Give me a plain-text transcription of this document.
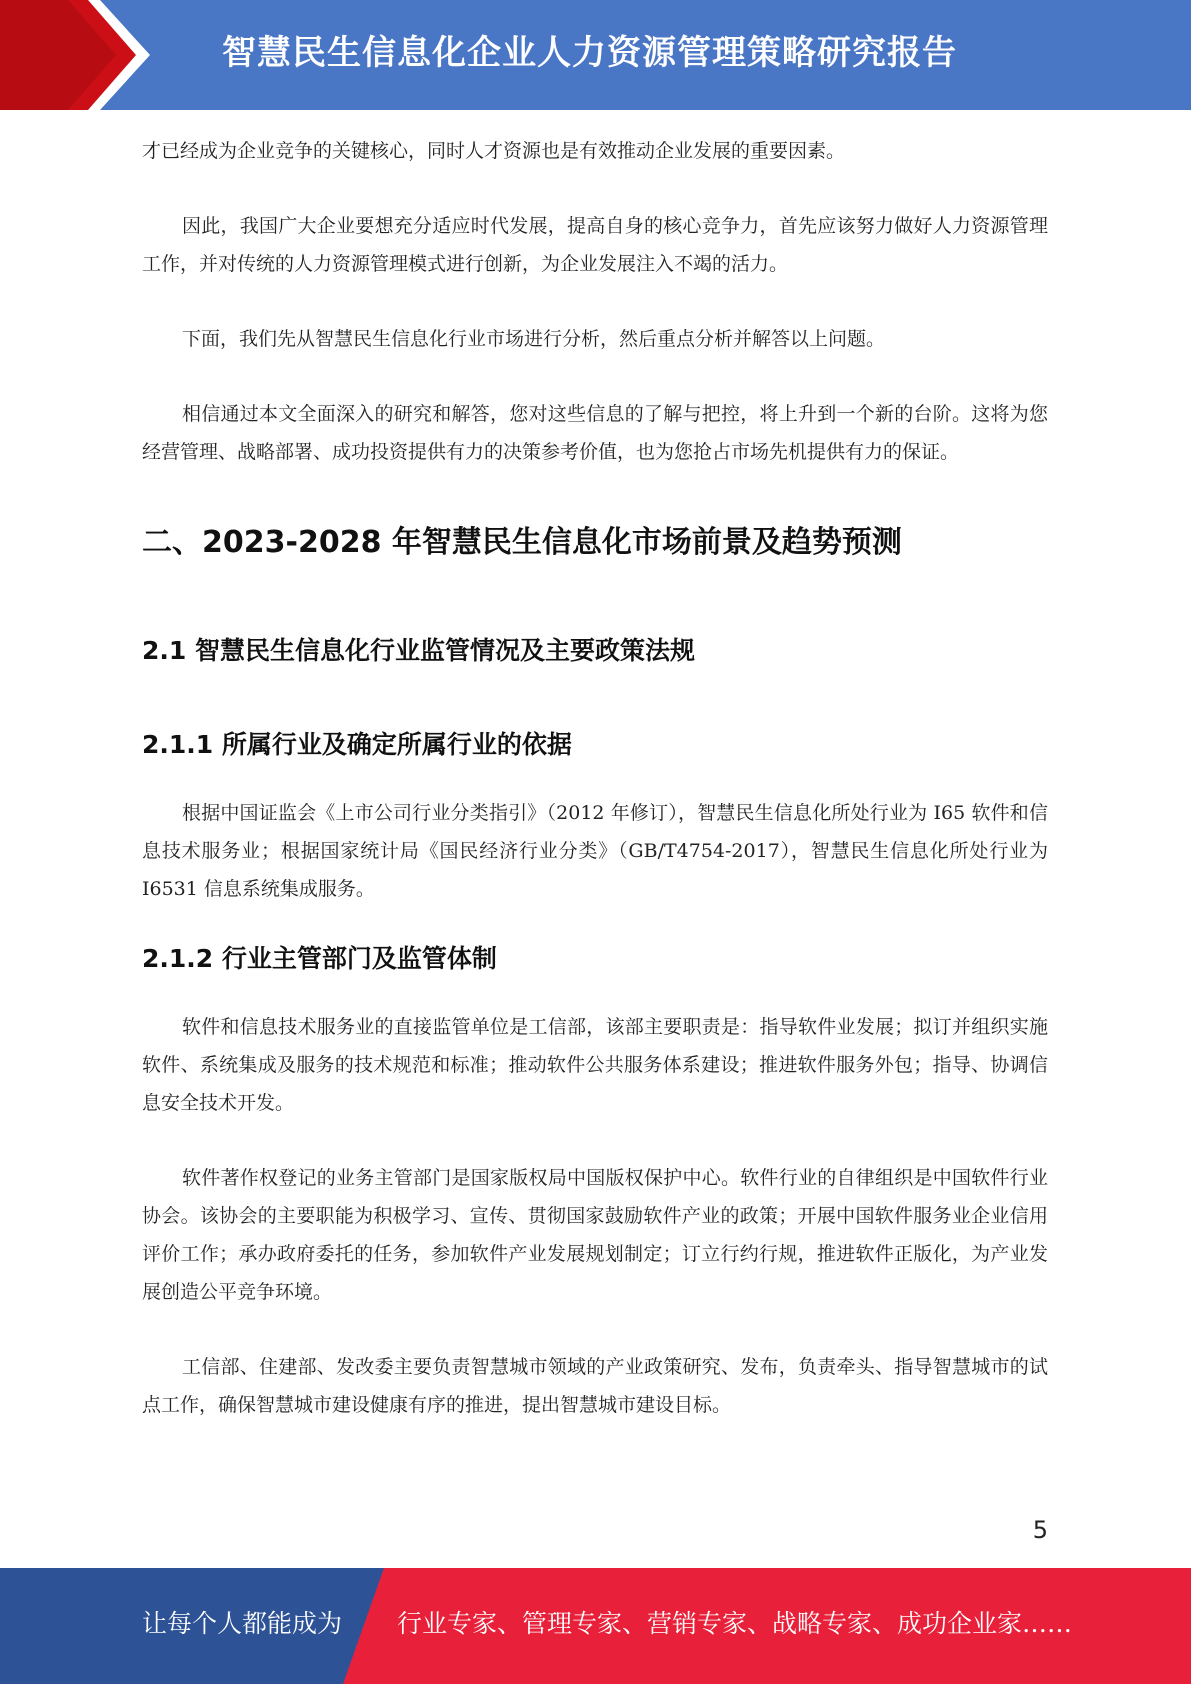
智慧民生信息化企业人力资源管理策略研究报告

才已经成为企业竞争的关键核心，同时人才资源也是有效推动企业发展的重要因素。

因此，我国广大企业要想充分适应时代发展，提高自身的核心竞争力，首先应该努力做好人力资源管理工作，并对传统的人力资源管理模式进行创新，为企业发展注入不竭的活力。

下面，我们先从智慧民生信息化行业市场进行分析，然后重点分析并解答以上问题。

相信通过本文全面深入的研究和解答，您对这些信息的了解与把控，将上升到一个新的台阶。这将为您经营管理、战略部署、成功投资提供有力的决策参考价值，也为您抢占市场先机提供有力的保证。

二、2023-2028 年智慧民生信息化市场前景及趋势预测
2.1 智慧民生信息化行业监管情况及主要政策法规
2.1.1 所属行业及确定所属行业的依据

根据中国证监会《上市公司行业分类指引》（2012 年修订），智慧民生信息化所处行业为 I65 软件和信息技术服务业；根据国家统计局《国民经济行业分类》（GB/T4754-2017），智慧民生信息化所处行业为 I6531 信息系统集成服务。

2.1.2 行业主管部门及监管体制

软件和信息技术服务业的直接监管单位是工信部，该部主要职责是：指导软件业发展；拟订并组织实施软件、系统集成及服务的技术规范和标准；推动软件公共服务体系建设；推进软件服务外包；指导、协调信息安全技术开发。

软件著作权登记的业务主管部门是国家版权局中国版权保护中心。软件行业的自律组织是中国软件行业协会。该协会的主要职能为积极学习、宣传、贯彻国家鼓励软件产业的政策；开展中国软件服务业企业信用评价工作；承办政府委托的任务，参加软件产业发展规划制定；订立行约行规，推进软件正版化，为产业发展创造公平竞争环境。

工信部、住建部、发改委主要负责智慧城市领域的产业政策研究、发布，负责牵头、指导智慧城市的试点工作，确保智慧城市建设健康有序的推进，提出智慧城市建设目标。

5
让每个人都能成为 行业专家、管理专家、营销专家、战略专家、成功企业家……
